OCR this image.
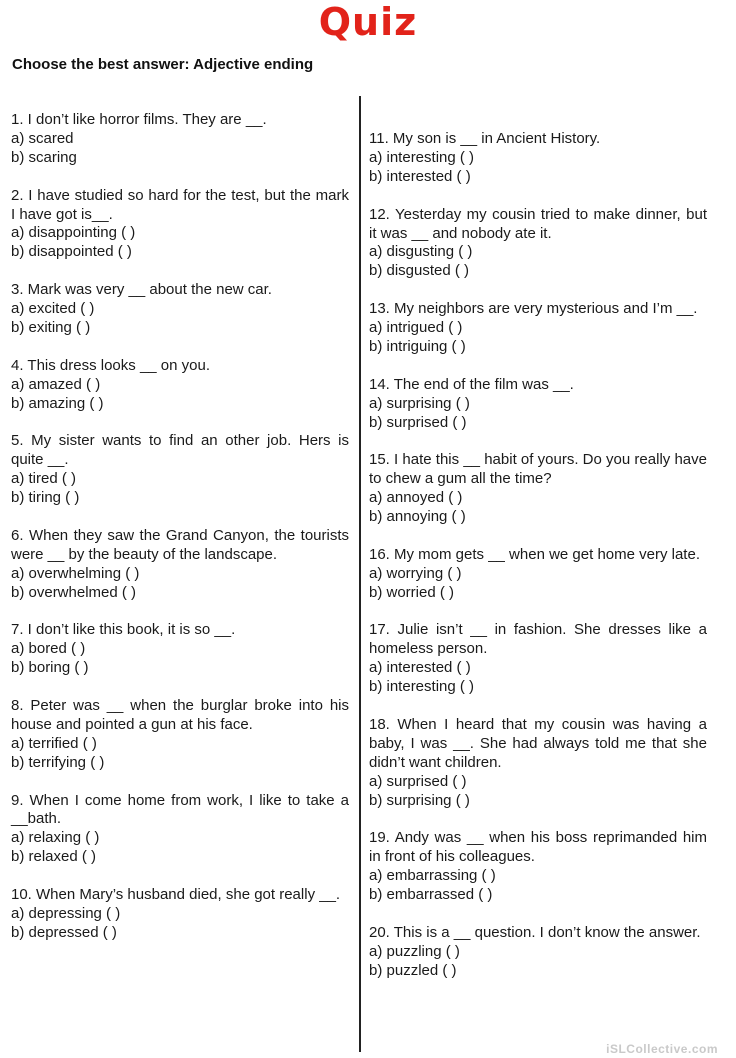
Quiz
Choose the best answer: Adjective ending
1. I don’t like horror films. They are __.
a) scared
b) scaring
2. I have studied so hard for the test, but the mark I have got is__.
a) disappointing ( )
b) disappointed ( )
3. Mark was very __ about the new car.
a) excited ( )
b) exiting ( )
4. This dress looks __ on you.
a) amazed ( )
b) amazing ( )
5. My sister wants to find an other job. Hers is quite __.
a) tired ( )
b) tiring ( )
6. When they saw the Grand Canyon, the tourists were __ by the beauty of the landscape.
a) overwhelming ( )
b) overwhelmed ( )
7. I don’t like this book, it is so __.
a) bored ( )
b) boring ( )
8. Peter was __ when the burglar broke into his house and pointed a gun at his face.
a) terrified ( )
b) terrifying ( )
9. When I come home from work, I like to take a __bath.
a) relaxing ( )
b) relaxed ( )
10. When Mary’s husband died, she got really __.
a) depressing ( )
b) depressed ( )
11. My son is __ in Ancient History.
a) interesting ( )
b) interested ( )
12. Yesterday my cousin tried to make dinner, but it was __ and nobody ate it.
a) disgusting ( )
b) disgusted ( )
13. My neighbors are very mysterious and I’m __.
a) intrigued ( )
b) intriguing ( )
14. The end of the film was __.
a) surprising ( )
b) surprised ( )
15. I hate this __ habit of yours. Do you really have to chew a gum all the time?
a) annoyed ( )
b) annoying ( )
16. My mom gets __ when we get home very late.
a) worrying ( )
b) worried ( )
17. Julie isn’t __ in fashion. She dresses like a homeless person.
a) interested ( )
b) interesting ( )
18. When I heard that my cousin was having a baby, I was __. She had always told me that she didn’t want children.
a) surprised ( )
b) surprising ( )
19. Andy was __ when his boss reprimanded him in front of his colleagues.
a) embarrassing ( )
b) embarrassed ( )
20. This is a __ question. I don’t know the answer.
a) puzzling ( )
b) puzzled ( )
iSLCollective.com
